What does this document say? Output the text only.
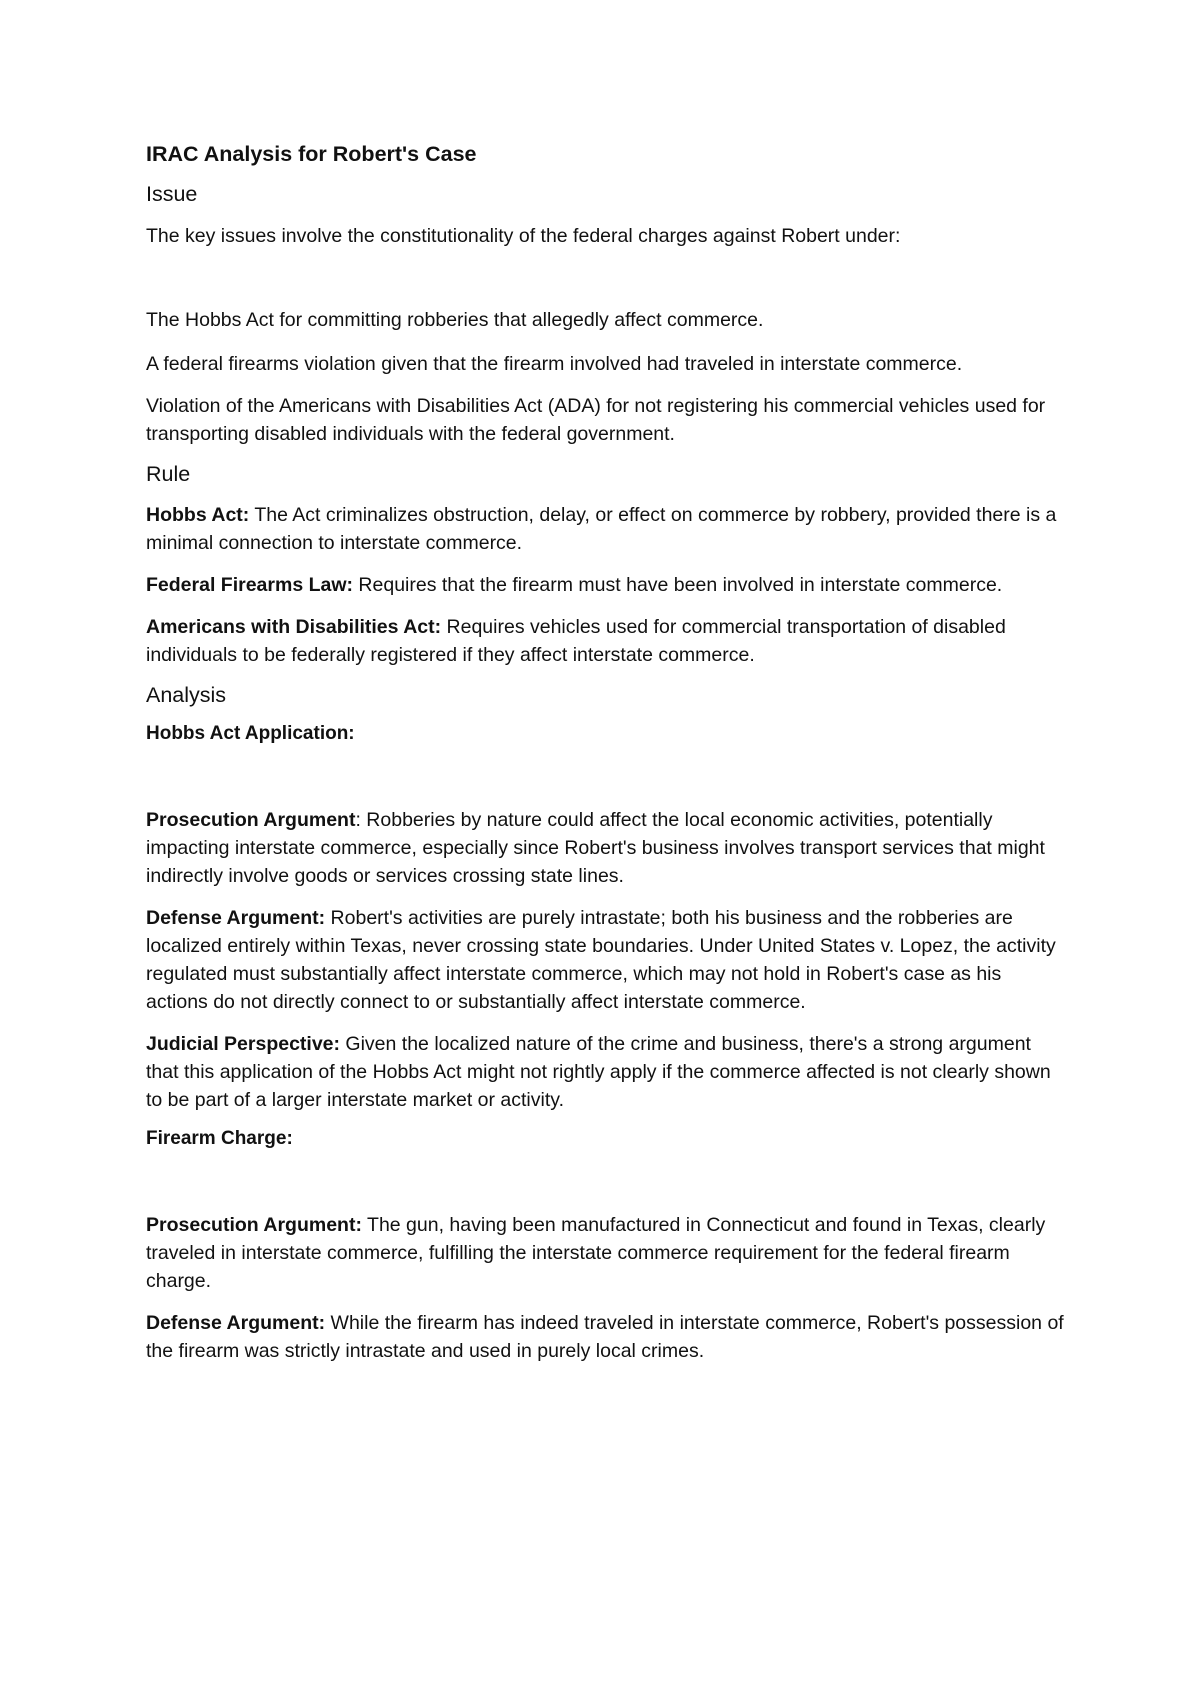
IRAC Analysis for Robert's Case
Issue

The key issues involve the constitutionality of the federal charges against Robert under:

The Hobbs Act for committing robberies that allegedly affect commerce.

A federal firearms violation given that the firearm involved had traveled in interstate commerce.

Violation of the Americans with Disabilities Act (ADA) for not registering his commercial vehicles used for transporting disabled individuals with the federal government.

Rule

Hobbs Act: The Act criminalizes obstruction, delay, or effect on commerce by robbery, provided there is a minimal connection to interstate commerce.

Federal Firearms Law: Requires that the firearm must have been involved in interstate commerce.

Americans with Disabilities Act: Requires vehicles used for commercial transportation of disabled individuals to be federally registered if they affect interstate commerce.

Analysis
Hobbs Act Application:

Prosecution Argument: Robberies by nature could affect the local economic activities, potentially impacting interstate commerce, especially since Robert's business involves transport services that might indirectly involve goods or services crossing state lines.

Defense Argument: Robert's activities are purely intrastate; both his business and the robberies are localized entirely within Texas, never crossing state boundaries. Under United States v. Lopez, the activity regulated must substantially affect interstate commerce, which may not hold in Robert's case as his actions do not directly connect to or substantially affect interstate commerce.

Judicial Perspective: Given the localized nature of the crime and business, there's a strong argument that this application of the Hobbs Act might not rightly apply if the commerce affected is not clearly shown to be part of a larger interstate market or activity.

Firearm Charge:

Prosecution Argument: The gun, having been manufactured in Connecticut and found in Texas, clearly traveled in interstate commerce, fulfilling the interstate commerce requirement for the federal firearm charge.

Defense Argument: While the firearm has indeed traveled in interstate commerce, Robert's possession of the firearm was strictly intrastate and used in purely local crimes.
